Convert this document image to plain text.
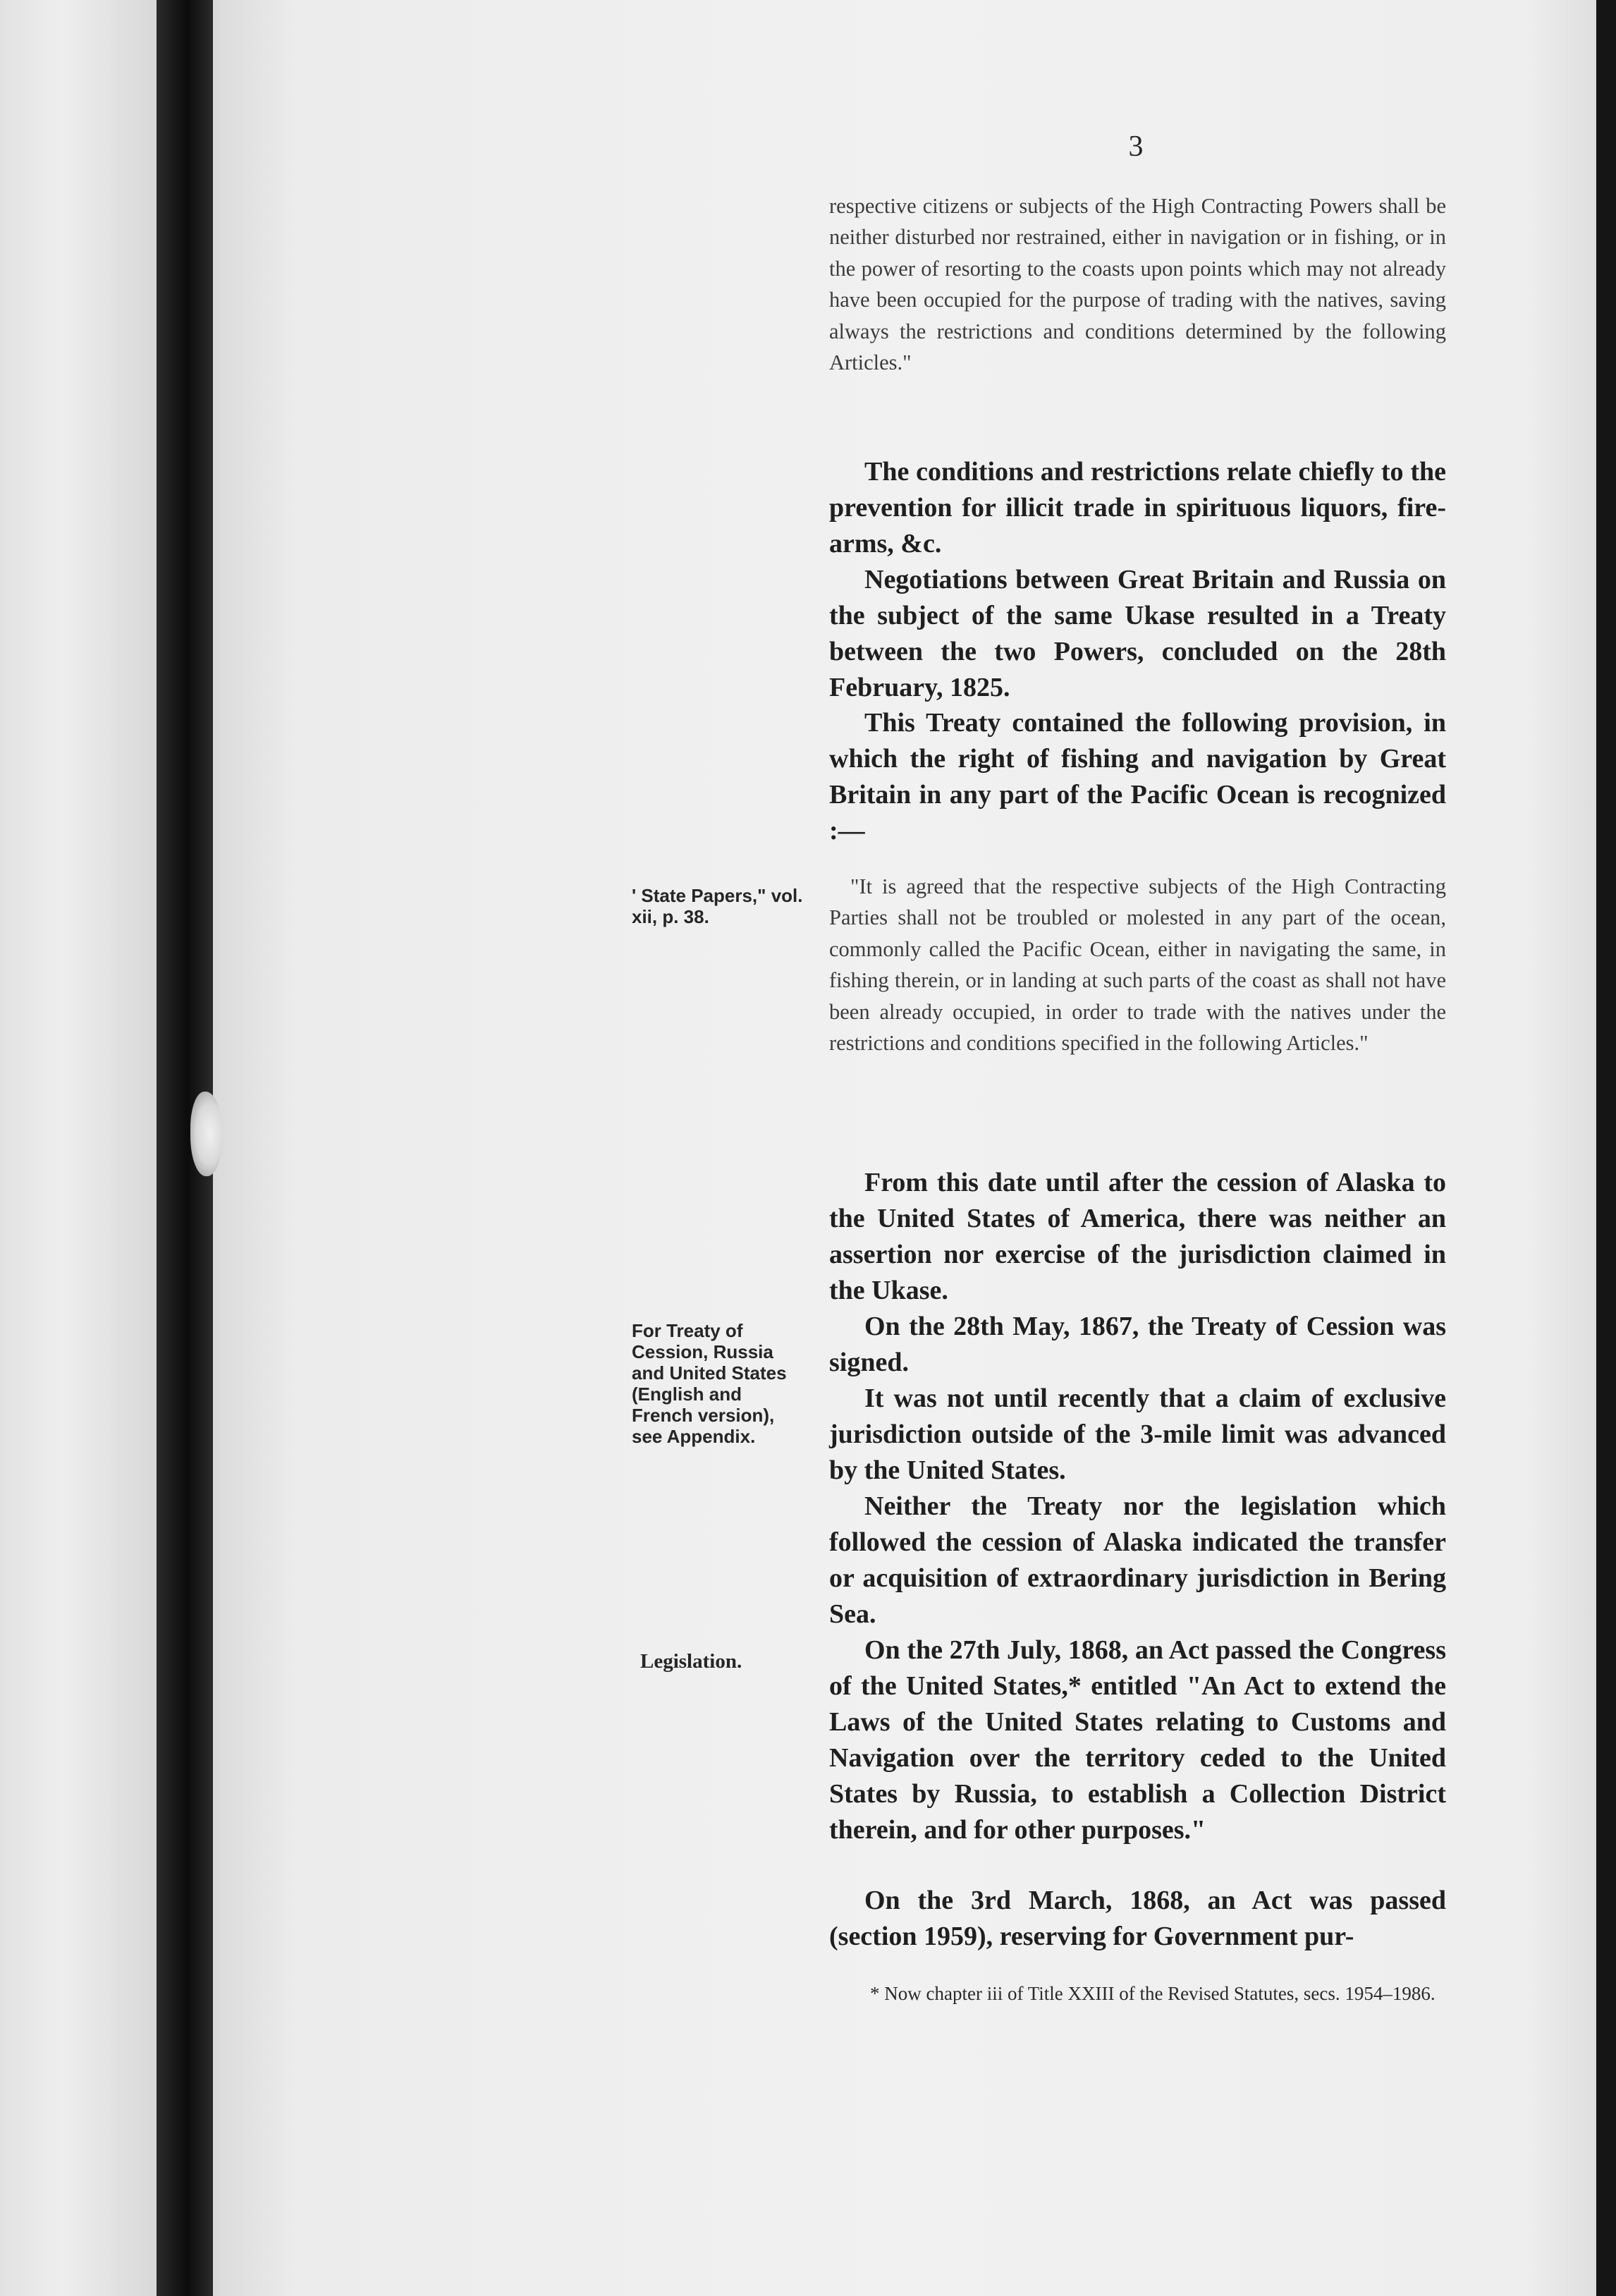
3

respective citizens or subjects of the High Contracting Powers shall be neither disturbed nor restrained, either in navigation or in fishing, or in the power of resorting to the coasts upon points which may not already have been occupied for the purpose of trading with the natives, saving always the restrictions and conditions determined by the following Articles."

The conditions and restrictions relate chiefly to the prevention for illicit trade in spirituous liquors, fire-arms, &c.

Negotiations between Great Britain and Russia on the subject of the same Ukase resulted in a Treaty between the two Powers, concluded on the 28th February, 1825.

This Treaty contained the following provision, in which the right of fishing and navigation by Great Britain in any part of the Pacific Ocean is recognized :—

' State Papers," vol. xii, p. 38.

"It is agreed that the respective subjects of the High Contracting Parties shall not be troubled or molested in any part of the ocean, commonly called the Pacific Ocean, either in navigating the same, in fishing therein, or in landing at such parts of the coast as shall not have been already occupied, in order to trade with the natives under the restrictions and conditions specified in the following Articles."

From this date until after the cession of Alaska to the United States of America, there was neither an assertion nor exercise of the jurisdiction claimed in the Ukase.

For Treaty of Cession, Russia and United States (English and French version), see Appendix.

On the 28th May, 1867, the Treaty of Cession was signed.

It was not until recently that a claim of exclusive jurisdiction outside of the 3-mile limit was advanced by the United States.

Neither the Treaty nor the legislation which followed the cession of Alaska indicated the transfer or acquisition of extraordinary jurisdiction in Bering Sea.

Legislation.	On the 27th July, 1868, an Act passed the Congress of the United States,* entitled "An Act to extend the Laws of the United States relating to Customs and Navigation over the territory ceded to the United States by Russia, to establish a Collection District therein, and for other purposes."

On the 3rd March, 1868, an Act was passed (section 1959), reserving for Government pur-

* Now chapter iii of Title XXIII of the Revised Statutes, secs. 1954–1986.
